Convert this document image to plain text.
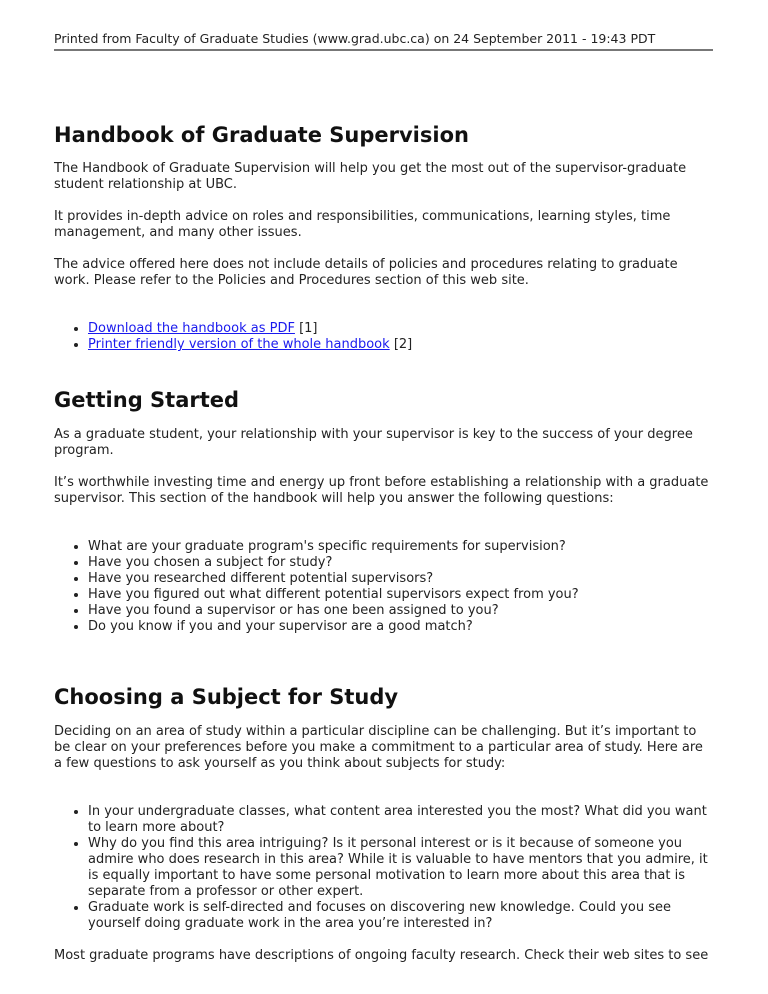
Printed from Faculty of Graduate Studies (www.grad.ubc.ca) on 24 September 2011 - 19:43 PDT
Handbook of Graduate Supervision

The Handbook of Graduate Supervision will help you get the most out of the supervisor-graduate student relationship at UBC.

It provides in-depth advice on roles and responsibilities, communications, learning styles, time management, and many other issues.

The advice offered here does not include details of policies and procedures relating to graduate work. Please refer to the Policies and Procedures section of this web site.

• Download the handbook as PDF [1]
• Printer friendly version of the whole handbook [2]
Getting Started

As a graduate student, your relationship with your supervisor is key to the success of your degree program.

It’s worthwhile investing time and energy up front before establishing a relationship with a graduate supervisor. This section of the handbook will help you answer the following questions:

• What are your graduate program's specific requirements for supervision?
• Have you chosen a subject for study?
• Have you researched different potential supervisors?
• Have you figured out what different potential supervisors expect from you?
• Have you found a supervisor or has one been assigned to you?
• Do you know if you and your supervisor are a good match?
Choosing a Subject for Study

Deciding on an area of study within a particular discipline can be challenging. But it’s important to be clear on your preferences before you make a commitment to a particular area of study. Here are a few questions to ask yourself as you think about subjects for study:

• In your undergraduate classes, what content area interested you the most? What did you want to learn more about?
• Why do you find this area intriguing? Is it personal interest or is it because of someone you admire who does research in this area? While it is valuable to have mentors that you admire, it is equally important to have some personal motivation to learn more about this area that is separate from a professor or other expert.
• Graduate work is self-directed and focuses on discovering new knowledge. Could you see yourself doing graduate work in the area you’re interested in?

Most graduate programs have descriptions of ongoing faculty research. Check their web sites to see
